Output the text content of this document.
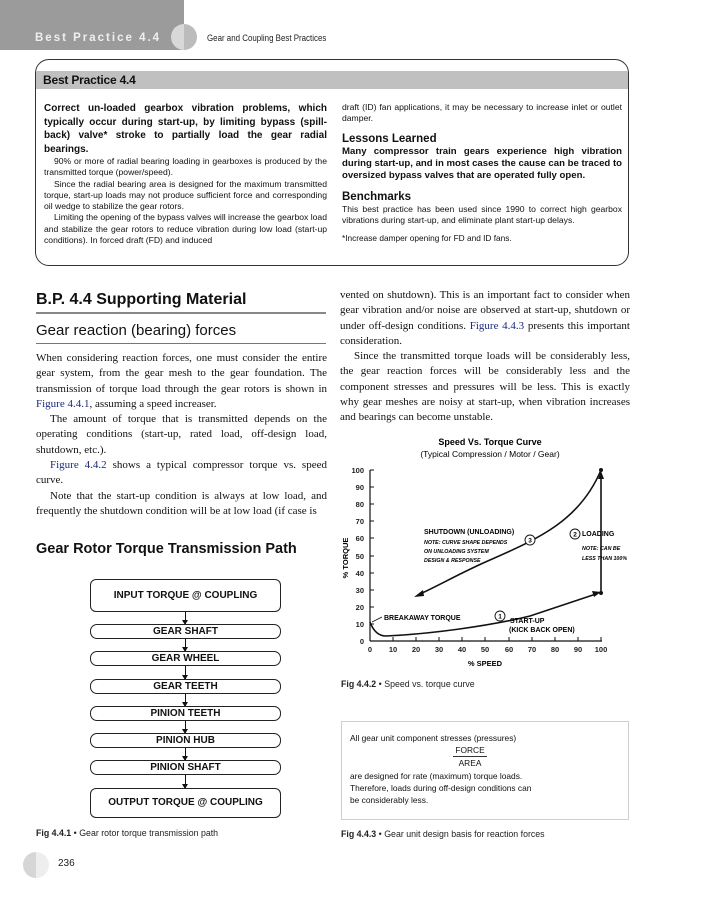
Best Practice 4.4	Gear and Coupling Best Practices
Best Practice 4.4

Correct un-loaded gearbox vibration problems, which typically occur during start-up, by limiting bypass (spill-back) valve* stroke to partially load the gear radial bearings.

90% or more of radial bearing loading in gearboxes is produced by the transmitted torque (power/speed).

Since the radial bearing area is designed for the maximum transmitted torque, start-up loads may not produce sufficient force and corresponding oil wedge to stabilize the gear rotors.

Limiting the opening of the bypass valves will increase the gearbox load and stabilize the gear rotors to reduce vibration during low load (start-up conditions). In forced draft (FD) and induced

draft (ID) fan applications, it may be necessary to increase inlet or outlet damper.

Lessons Learned

Many compressor train gears experience high vibration during start-up, and in most cases the cause can be traced to oversized bypass valves that are operated fully open.

Benchmarks

This best practice has been used since 1990 to correct high gearbox vibrations during start-up, and eliminate plant start-up delays.

*Increase damper opening for FD and ID fans.

B.P. 4.4 Supporting Material
Gear reaction (bearing) forces

When considering reaction forces, one must consider the entire gear system, from the gear mesh to the gear foundation. The transmission of torque load through the gear rotors is shown in Figure 4.4.1, assuming a speed increaser.

The amount of torque that is transmitted depends on the operating conditions (start-up, rated load, off-design load, shutdown, etc.).

Figure 4.4.2 shows a typical compressor torque vs. speed curve.

Note that the start-up condition is always at low load, and frequently the shutdown condition will be at low load (if case is

vented on shutdown). This is an important fact to consider when gear vibration and/or noise are observed at start-up, shutdown or under off-design conditions. Figure 4.4.3 presents this important consideration.

Since the transmitted torque loads will be considerably less, the gear reaction forces will be considerably less and the component stresses and pressures will be less. This is exactly why gear meshes are noisy at start-up, when vibration increases and bearings can become unstable.

Gear Rotor Torque Transmission Path
INPUT TORQUE @ COUPLING
GEAR SHAFT
GEAR WHEEL
GEAR TEETH
PINION TEETH
PINION HUB
PINION SHAFT
OUTPUT TORQUE @ COUPLING
Fig 4.4.1 • Gear rotor torque transmission path
Speed Vs. Torque Curve
(Typical Compression / Motor / Gear)
0
10
20
30
40
50
60
70
80
90
100
0 10 20 30 40 50 60 70 80 90 100
% SPEED
% TORQUE
BREAKAWAY TORQUE
SHUTDOWN (UNLOADING)
NOTE: CURVE SHAPE DEPENDS
ON UNLOADING SYSTEM
DESIGN & RESPONSE
LOADING
NOTE: CAN BE
LESS THAN 100%
START-UP
(KICK BACK OPEN)
1
2
3
Fig 4.4.2 • Speed vs. torque curve
All gear unit component stresses (pressures)
FORCE
AREA
are designed for rate (maximum) torque loads.
Therefore, loads during off-design conditions can
be considerably less.
Fig 4.4.3 • Gear unit design basis for reaction forces
236
